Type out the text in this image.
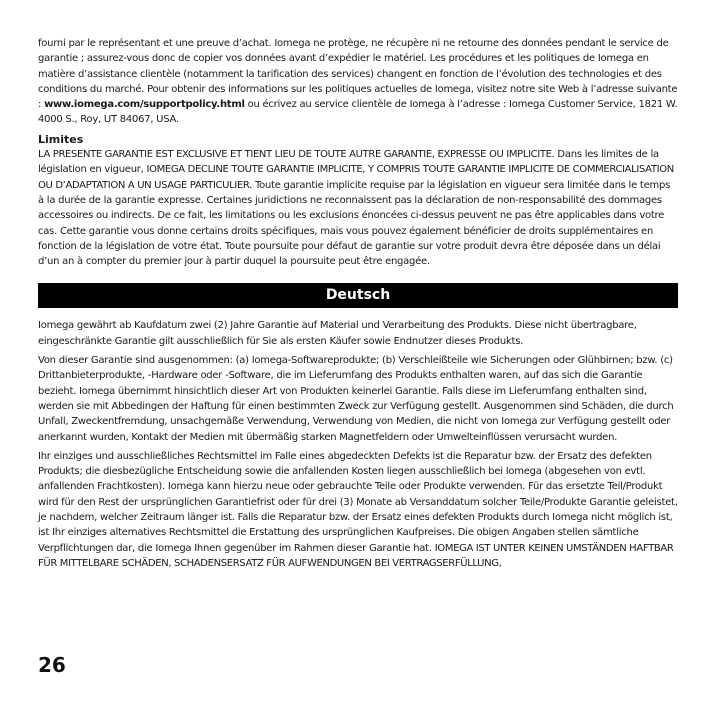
fourni par le représentant et une preuve d’achat. Iomega ne protège, ne récupère ni ne retourne des données pendant le service de garantie ; assurez-vous donc de copier vos données avant d’expédier le matériel. Les procédures et les politiques de Iomega en matière d’assistance clientèle (notamment la tarification des services) changent en fonction de l’évolution des technologies et des conditions du marché. Pour obtenir des informations sur les politiques actuelles de Iomega, visitez notre site Web à l’adresse suivante : www.iomega.com/supportpolicy.html ou écrivez au service clientèle de Iomega à l’adresse : Iomega Customer Service, 1821 W. 4000 S., Roy, UT 84067, USA.

Limites

LA PRESENTE GARANTIE EST EXCLUSIVE ET TIENT LIEU DE TOUTE AUTRE GARANTIE, EXPRESSE OU IMPLICITE. Dans les limites de la législation en vigueur, IOMEGA DECLINE TOUTE GARANTIE IMPLICITE, Y COMPRIS TOUTE GARANTIE IMPLICITE DE COMMERCIALISATION OU D’ADAPTATION A UN USAGE PARTICULIER. Toute garantie implicite requise par la législation en vigueur sera limitée dans le temps à la durée de la garantie expresse. Certaines juridictions ne reconnaissent pas la déclaration de non-responsabilité des dommages accessoires ou indirects. De ce fait, les limitations ou les exclusions énoncées ci-dessus peuvent ne pas être applicables dans votre cas. Cette garantie vous donne certains droits spécifiques, mais vous pouvez également bénéficier de droits supplémentaires en fonction de la législation de votre état. Toute poursuite pour défaut de garantie sur votre produit devra être déposée dans un délai d’un an à compter du premier jour à partir duquel la poursuite peut être engagée.

Deutsch

Iomega gewährt ab Kaufdatum zwei (2) Jahre Garantie auf Material und Verarbeitung des Produkts. Diese nicht übertragbare, eingeschränkte Garantie gilt ausschließlich für Sie als ersten Käufer sowie Endnutzer dieses Produkts.

Von dieser Garantie sind ausgenommen: (a) Iomega-Softwareprodukte; (b) Verschleißteile wie Sicherungen oder Glühbirnen; bzw. (c) Drittanbieterprodukte, -Hardware oder -Software, die im Lieferumfang des Produkts enthalten waren, auf das sich die Garantie bezieht. Iomega übernimmt hinsichtlich dieser Art von Produkten keinerlei Garantie. Falls diese im Lieferumfang enthalten sind, werden sie mit Abbedingen der Haftung für einen bestimmten Zweck zur Verfügung gestellt. Ausgenommen sind Schäden, die durch Unfall, Zweckentfremdung, unsachgemäße Verwendung, Verwendung von Medien, die nicht von Iomega zur Verfügung gestellt oder anerkannt wurden, Kontakt der Medien mit übermäßig starken Magnetfeldern oder Umwelteinflüssen verursacht wurden.

Ihr einziges und ausschließliches Rechtsmittel im Falle eines abgedeckten Defekts ist die Reparatur bzw. der Ersatz des defekten Produkts; die diesbezügliche Entscheidung sowie die anfallenden Kosten liegen ausschließlich bei Iomega (abgesehen von evtl. anfallenden Frachtkosten). Iomega kann hierzu neue oder gebrauchte Teile oder Produkte verwenden. Für das ersetzte Teil/Produkt wird für den Rest der ursprünglichen Garantiefrist oder für drei (3) Monate ab Versanddatum solcher Teile/Produkte Garantie geleistet, je nachdem, welcher Zeitraum länger ist. Falls die Reparatur bzw. der Ersatz eines defekten Produkts durch Iomega nicht möglich ist, ist Ihr einziges alternatives Rechtsmittel die Erstattung des ursprünglichen Kaufpreises. Die obigen Angaben stellen sämtliche Verpflichtungen dar, die Iomega Ihnen gegenüber im Rahmen dieser Garantie hat. IOMEGA IST UNTER KEINEN UMSTÄNDEN HAFTBAR FÜR MITTELBARE SCHÄDEN, SCHADENSERSATZ FÜR AUFWENDUNGEN BEI VERTRAGSERFÜLLUNG,

26
